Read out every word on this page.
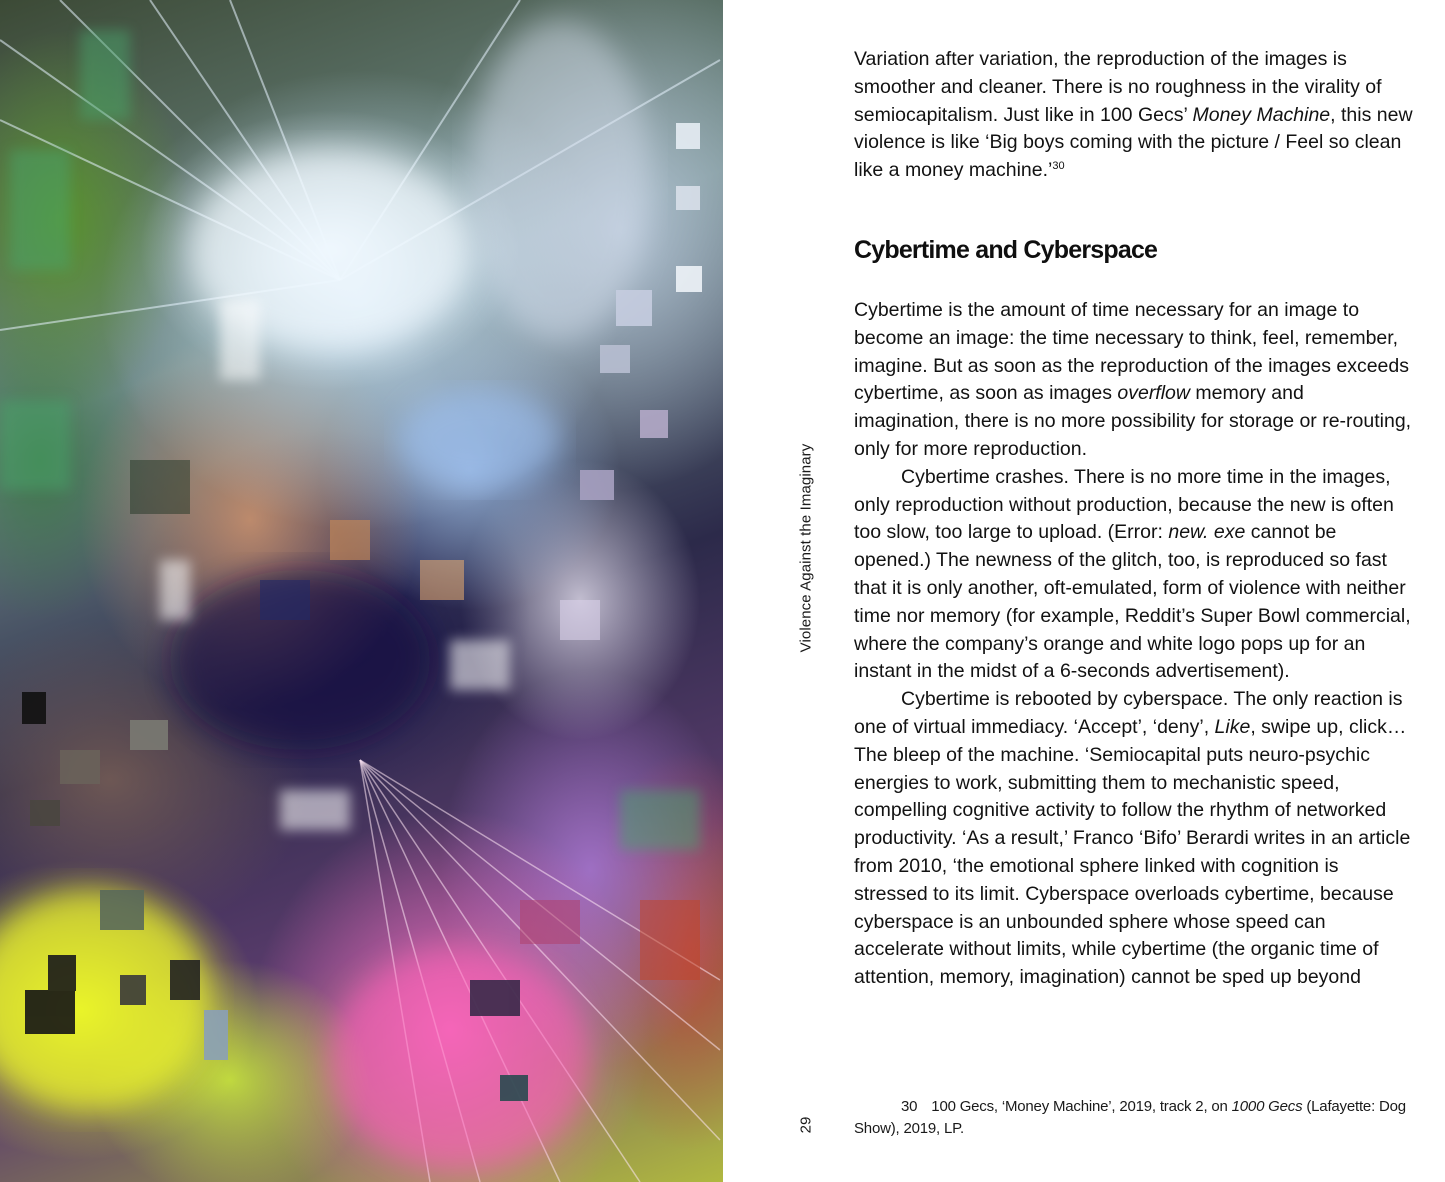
Violence Against the Imaginary
29

Variation after variation, the reproduction of the images is smoother and cleaner. There is no roughness in the virality of semiocapitalism. Just like in 100 Gecs’ Money Machine, this new violence is like ‘Big boys coming with the picture / Feel so clean like a money machine.’$^{30}$

Cybertime and Cyberspace

Cybertime is the amount of time necessary for an image to become an image: the time necessary to think, feel, remember, imagine. But as soon as the reproduction of the images exceeds cybertime, as soon as images overflow memory and imagination, there is no more possibility for storage or re-routing, only for more reproduction.

Cybertime crashes. There is no more time in the images, only reproduction without production, because the new is often too slow, too large to upload. (Error: new. exe cannot be opened.) The newness of the glitch, too, is reproduced so fast that it is only another, oft-emulated, form of violence with neither time nor memory (for example, Reddit’s Super Bowl commercial, where the company’s orange and white logo pops up for an instant in the midst of a 6-seconds advertisement).

Cybertime is rebooted by cyberspace. The only reaction is one of virtual immediacy. ‘Accept’, ‘deny’, Like, swipe up, click… The bleep of the machine. ‘Semiocapital puts neuro-psychic energies to work, submitting them to mechanistic speed, compelling cognitive activity to follow the rhythm of networked productivity. ‘As a result,’ Franco ‘Bifo’ Berardi writes in an article from 2010, ‘the emotional sphere linked with cognition is stressed to its limit. Cyberspace overloads cybertime, because cyberspace is an unbounded sphere whose speed can accelerate without limits, while cybertime (the organic time of attention, memory, imagination) cannot be sped up beyond

30 100 Gecs, ‘Money Machine’, 2019, track 2, on 1000 Gecs (Lafayette: Dog Show), 2019, LP.
